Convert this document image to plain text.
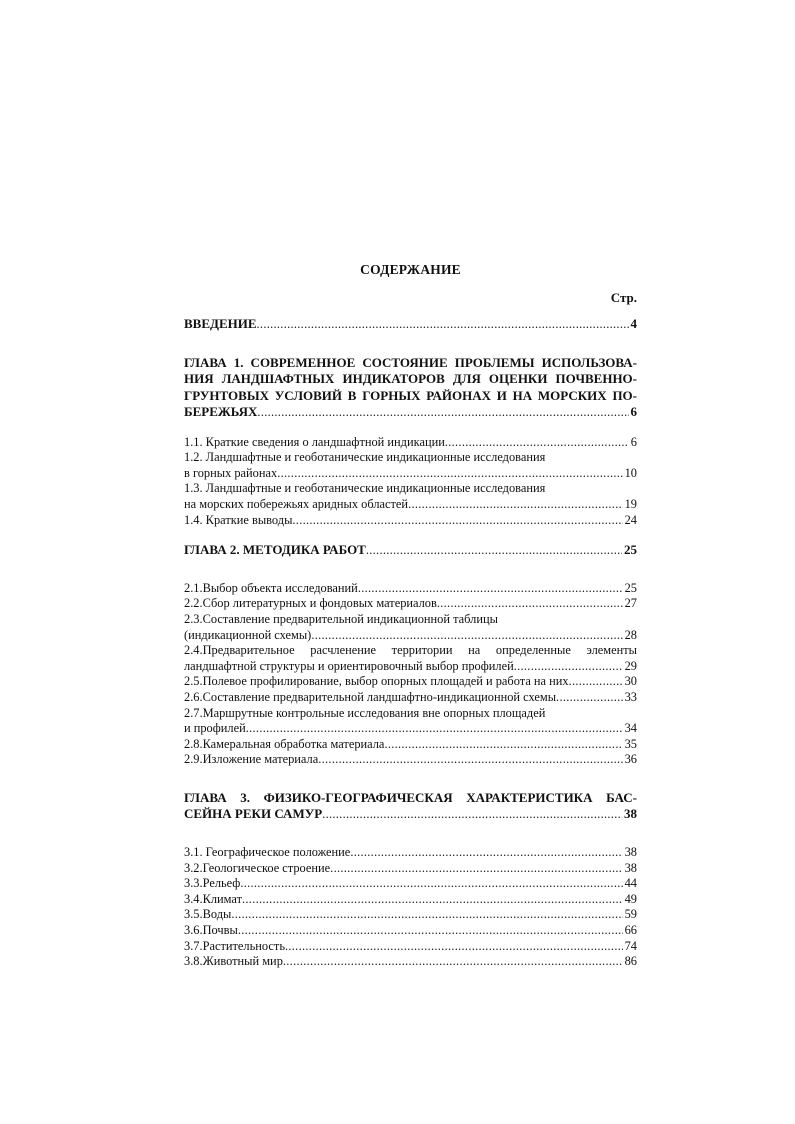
СОДЕРЖАНИЕ
Стр.
ВВЕДЕНИЕ . . .	4
ГЛАВА 1. СОВРЕМЕННОЕ СОСТОЯНИЕ ПРОБЛЕМЫ ИСПОЛЬЗОВА-
НИЯ ЛАНДШАФТНЫХ ИНДИКАТОРОВ ДЛЯ ОЦЕНКИ ПОЧВЕННО-
ГРУНТОВЫХ УСЛОВИЙ В ГОРНЫХ РАЙОНАХ И НА МОРСКИХ ПО-
БЕРЕЖЬЯХ . . .	6
1.1. Краткие сведения о ландшафтной индикации . . .	6
1.2. Ландшафтные и геоботанические индикационные исследования
в горных районах . . .	10
1.3. Ландшафтные и геоботанические индикационные исследования
на морских побережьях аридных областей . . .	19
1.4. Краткие выводы . . .	24
ГЛАВА 2. МЕТОДИКА РАБОТ . . .	25
2.1.Выбор объекта исследований . . .	25
2.2.Сбор литературных и фондовых материалов . . .	27
2.3.Составление предварительной индикационной таблицы
(индикационной схемы) . . .	28
2.4.Предварительное расчленение территории на определенные элементы
ландшафтной структуры и ориентировочный выбор профилей . . .	29
2.5.Полевое профилирование, выбор опорных площадей и работа на них . . .	30
2.6.Составление предварительной ландшафтно-индикационной схемы . . .	33
2.7.Маршрутные контрольные исследования вне опорных площадей
и профилей . . .	34
2.8.Камеральная обработка материала . . .	35
2.9.Изложение материала . . .	36
ГЛАВА 3. ФИЗИКО-ГЕОГРАФИЧЕСКАЯ ХАРАКТЕРИСТИКА БАС-
СЕЙНА РЕКИ САМУР . . .	38
3.1. Географическое положение . . .	38
3.2.Геологическое строение . . .	38
3.3.Рельеф . . .	44
3.4.Климат . . .	49
3.5.Воды . . .	59
3.6.Почвы . . .	66
3.7.Растительность . . .	74
3.8.Животный мир . . .	86
